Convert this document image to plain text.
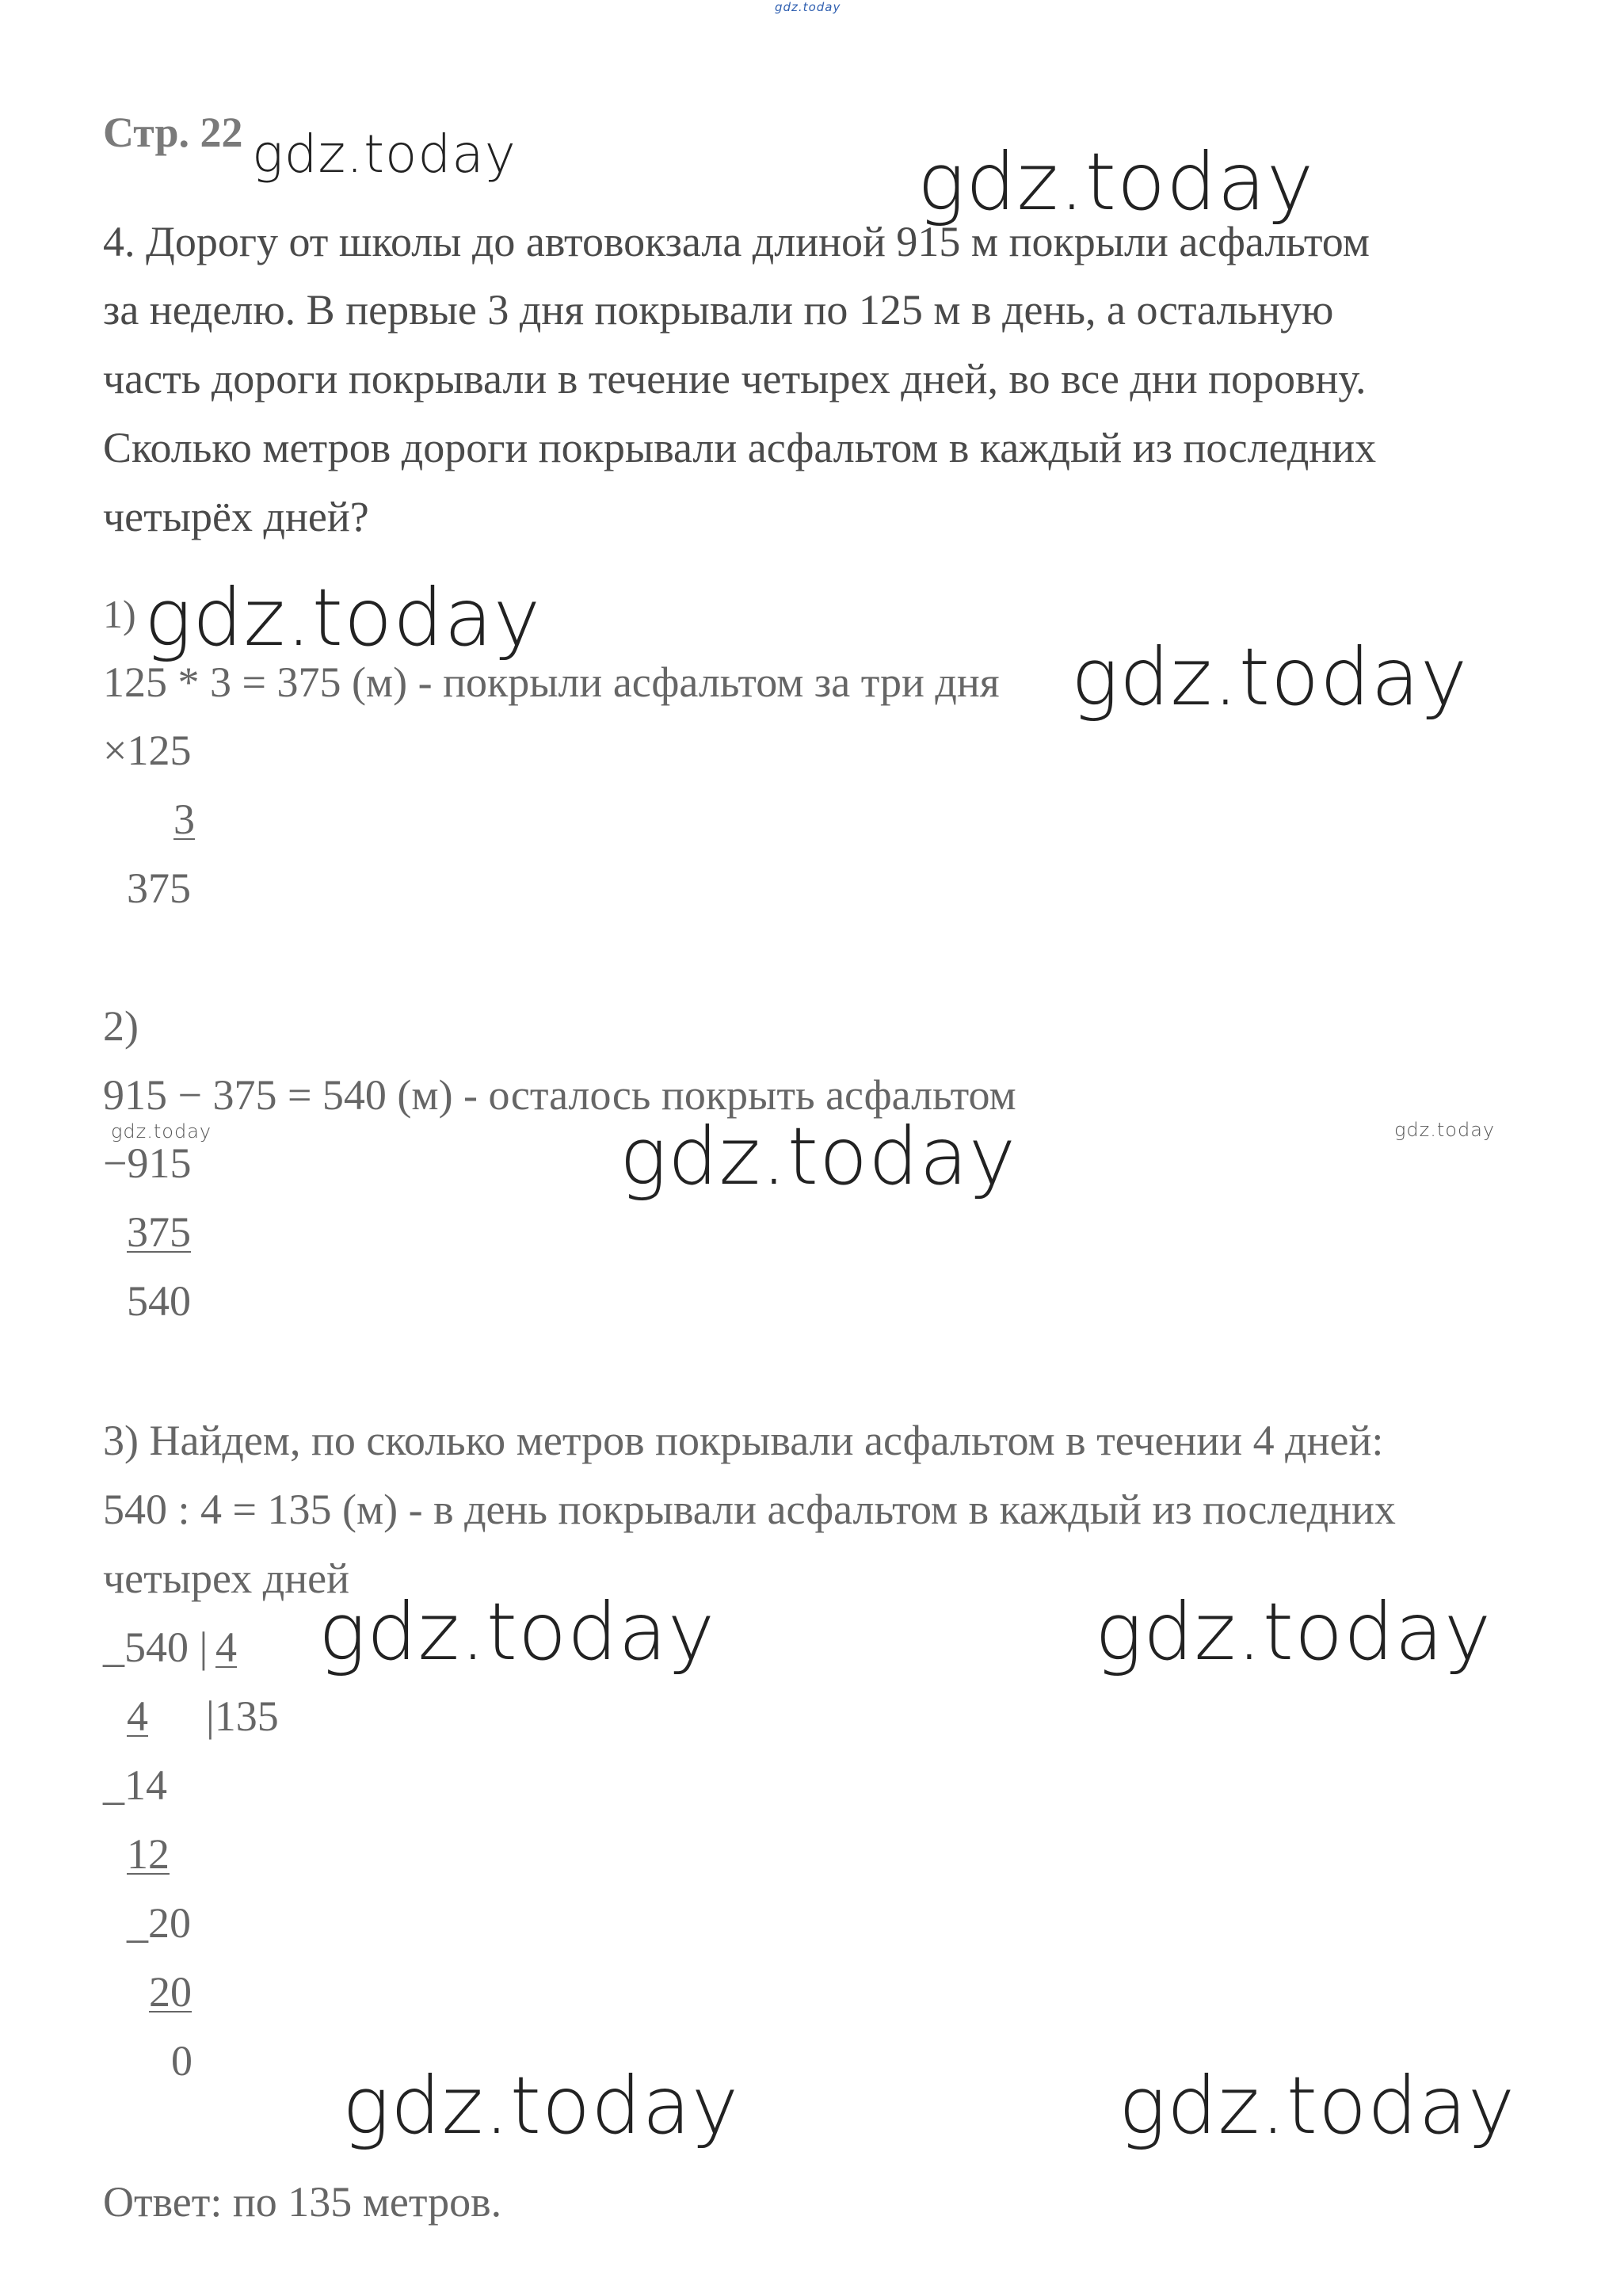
gdz.today
Стр. 22 gdz.today	gdz.today
4. Дорогу от школы до автовокзала длиной 915 м покрыли асфальтом
за неделю. В первые 3 дня покрывали по 125 м в день, а остальную
часть дороги покрывали в течение четырех дней, во все дни поровну.
Сколько метров дороги покрывали асфальтом в каждый из последних
четырёх дней?
1) gdz.today
125 * 3 = 375 (м) - покрыли асфальтом за три дня gdz.today
×125
3
375
2)
915 − 375 = 540 (м) - осталось покрыть асфальтом
gdz.today	gdz.today
−915	gdz.today
375
540
3) Найдем, по сколько метров покрывали асфальтом в течении 4 дней:
540 : 4 = 135 (м) - в день покрывали асфальтом в каждый из последних
четырех дней
_540 | 4	gdz.today	gdz.today
4 |135
_14
12
_20
20
0 gdz.today	gdz.today
Ответ: по 135 метров.
